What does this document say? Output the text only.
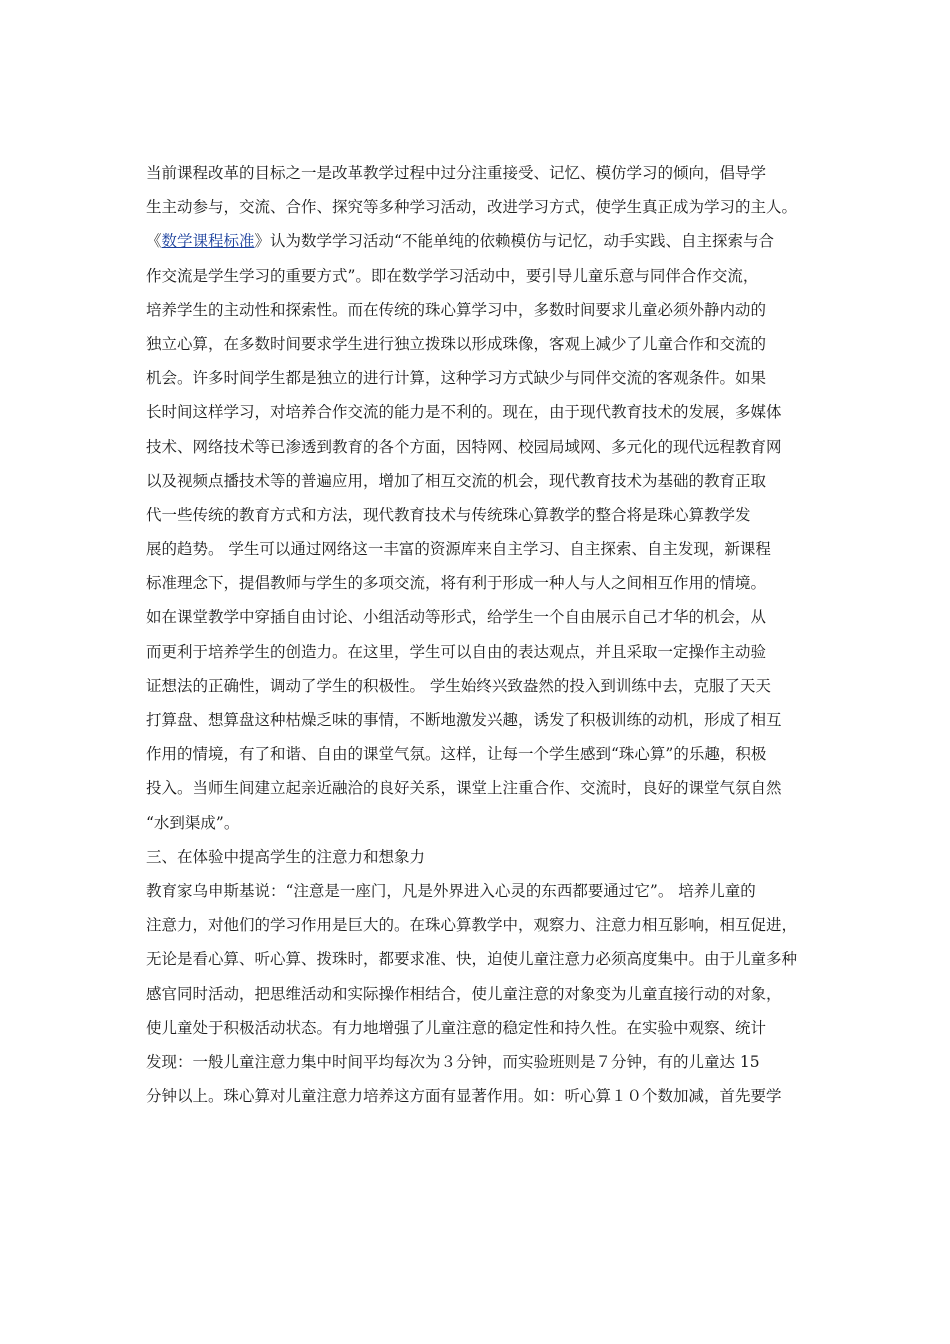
当前课程改革的目标之一是改革教学过程中过分注重接受、记忆、模仿学习的倾向，倡导学
生主动参与，交流、合作、探究等多种学习活动，改进学习方式，使学生真正成为学习的主人。
《数学课程标准》认为数学学习活动“不能单纯的依赖模仿与记忆，动手实践、自主探索与合
作交流是学生学习的重要方式”。即在数学学习活动中，要引导儿童乐意与同伴合作交流，
培养学生的主动性和探索性。而在传统的珠心算学习中，多数时间要求儿童必须外静内动的
独立心算，在多数时间要求学生进行独立拨珠以形成珠像，客观上减少了儿童合作和交流的
机会。许多时间学生都是独立的进行计算，这种学习方式缺少与同伴交流的客观条件。如果
长时间这样学习，对培养合作交流的能力是不利的。现在，由于现代教育技术的发展，多媒体
技术、网络技术等已渗透到教育的各个方面，因特网、校园局域网、多元化的现代远程教育网
以及视频点播技术等的普遍应用，增加了相互交流的机会，现代教育技术为基础的教育正取
代一些传统的教育方式和方法，现代教育技术与传统珠心算教学的整合将是珠心算教学发
展的趋势。 学生可以通过网络这一丰富的资源库来自主学习、自主探索、自主发现，新课程
标准理念下，提倡教师与学生的多项交流，将有利于形成一种人与人之间相互作用的情境。
如在课堂教学中穿插自由讨论、小组活动等形式，给学生一个自由展示自己才华的机会，从
而更利于培养学生的创造力。在这里，学生可以自由的表达观点，并且采取一定操作主动验
证想法的正确性，调动了学生的积极性。 学生始终兴致盎然的投入到训练中去，克服了天天
打算盘、想算盘这种枯燥乏味的事情，不断地激发兴趣，诱发了积极训练的动机，形成了相互
作用的情境，有了和谐、自由的课堂气氛。这样，让每一个学生感到“珠心算”的乐趣，积极
投入。当师生间建立起亲近融洽的良好关系，课堂上注重合作、交流时，良好的课堂气氛自然
“水到渠成”。
三、在体验中提高学生的注意力和想象力
教育家乌申斯基说：“注意是一座门，凡是外界进入心灵的东西都要通过它”。 培养儿童的
注意力，对他们的学习作用是巨大的。在珠心算教学中，观察力、注意力相互影响，相互促进，
无论是看心算、听心算、拨珠时，都要求准、快，迫使儿童注意力必须高度集中。由于儿童多种
感官同时活动，把思维活动和实际操作相结合，使儿童注意的对象变为儿童直接行动的对象，
使儿童处于积极活动状态。有力地增强了儿童注意的稳定性和持久性。在实验中观察、统计
发现：一般儿童注意力集中时间平均每次为３分钟，而实验班则是７分钟，有的儿童达 15
分钟以上。珠心算对儿童注意力培养这方面有显著作用。如：听心算１０个数加减，首先要学
